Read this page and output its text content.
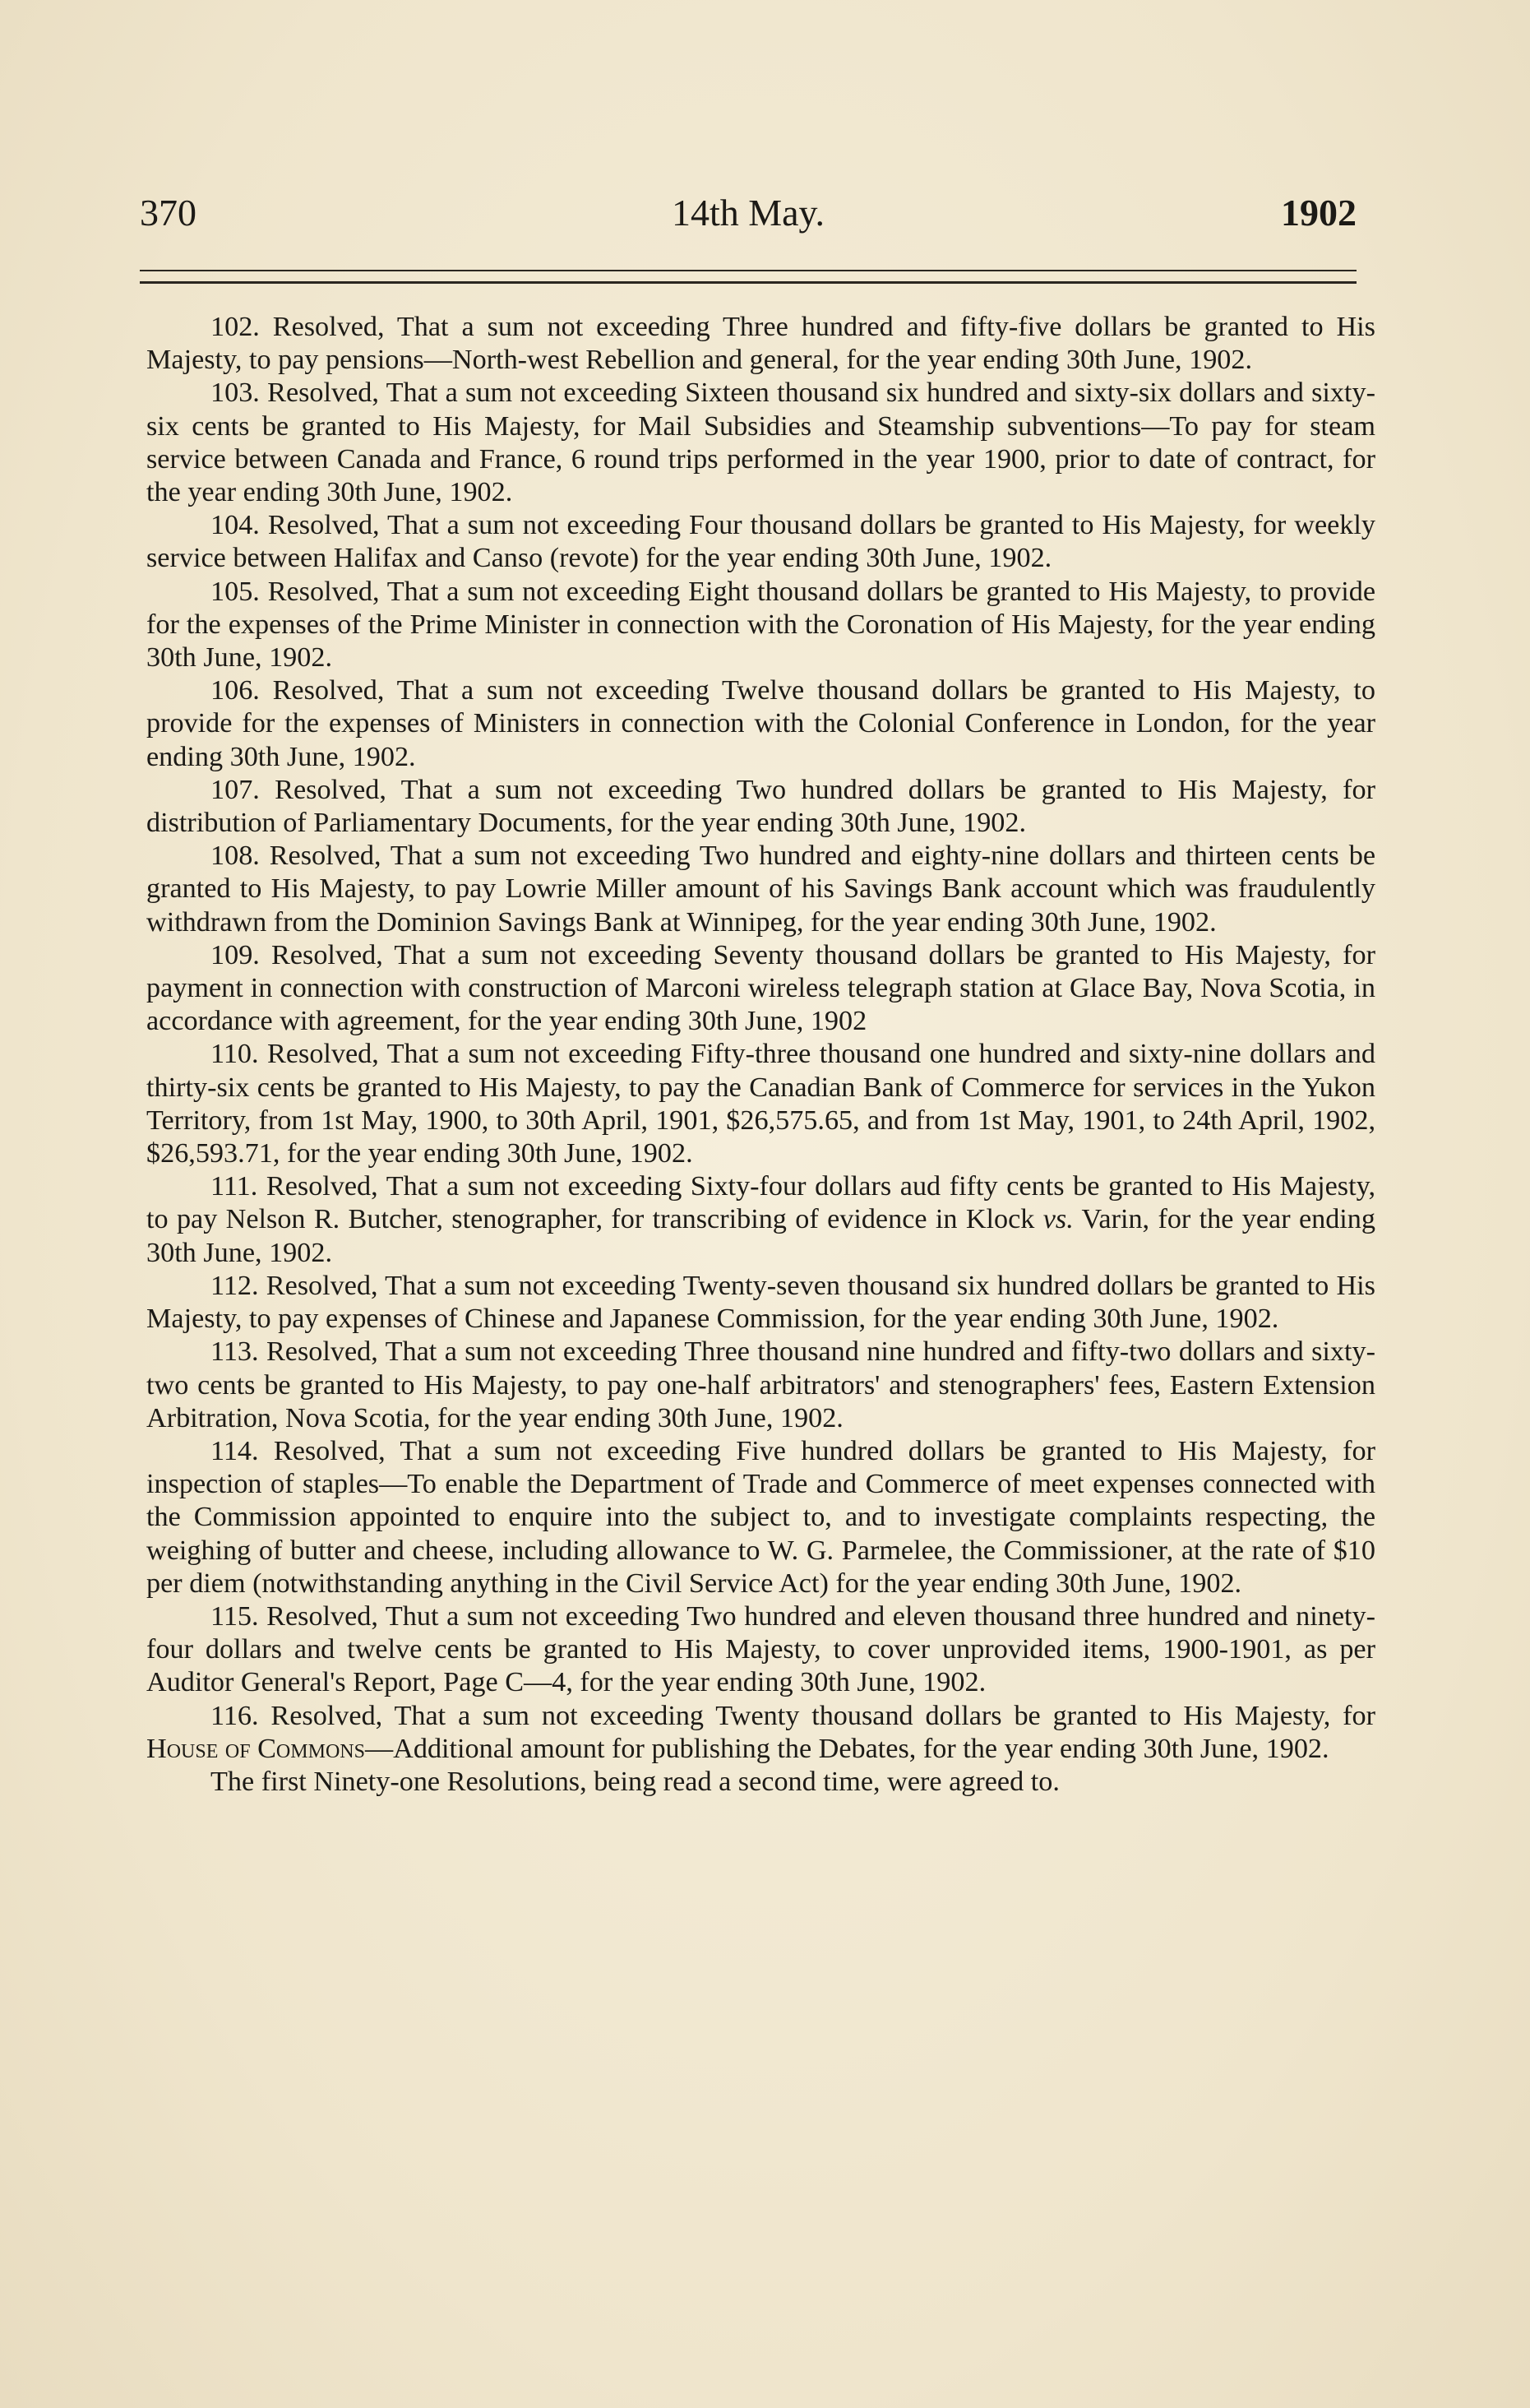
370	14th May.	1902

102. Resolved, That a sum not exceeding Three hundred and fifty-five dollars be granted to His Majesty, to pay pensions—North-west Rebellion and general, for the year ending 30th June, 1902.

103. Resolved, That a sum not exceeding Sixteen thousand six hundred and sixty-six dollars and sixty-six cents be granted to His Majesty, for Mail Subsidies and Steamship subventions—To pay for steam service between Canada and France, 6 round trips performed in the year 1900, prior to date of contract, for the year ending 30th June, 1902.

104. Resolved, That a sum not exceeding Four thousand dollars be granted to His Majesty, for weekly service between Halifax and Canso (revote) for the year ending 30th June, 1902.

105. Resolved, That a sum not exceeding Eight thousand dollars be granted to His Majesty, to provide for the expenses of the Prime Minister in connection with the Coronation of His Majesty, for the year ending 30th June, 1902.

106. Resolved, That a sum not exceeding Twelve thousand dollars be granted to His Majesty, to provide for the expenses of Ministers in connection with the Colonial Conference in London, for the year ending 30th June, 1902.

107. Resolved, That a sum not exceeding Two hundred dollars be granted to His Majesty, for distribution of Parliamentary Documents, for the year ending 30th June, 1902.

108. Resolved, That a sum not exceeding Two hundred and eighty-nine dollars and thirteen cents be granted to His Majesty, to pay Lowrie Miller amount of his Savings Bank account which was fraudulently withdrawn from the Dominion Savings Bank at Winnipeg, for the year ending 30th June, 1902.

109. Resolved, That a sum not exceeding Seventy thousand dollars be granted to His Majesty, for payment in connection with construction of Marconi wireless telegraph station at Glace Bay, Nova Scotia, in accordance with agreement, for the year ending 30th June, 1902

110. Resolved, That a sum not exceeding Fifty-three thousand one hundred and sixty-nine dollars and thirty-six cents be granted to His Majesty, to pay the Canadian Bank of Commerce for services in the Yukon Territory, from 1st May, 1900, to 30th April, 1901, $26,575.65, and from 1st May, 1901, to 24th April, 1902, $26,593.71, for the year ending 30th June, 1902.

111. Resolved, That a sum not exceeding Sixty-four dollars aud fifty cents be granted to His Majesty, to pay Nelson R. Butcher, stenographer, for transcribing of evidence in Klock vs. Varin, for the year ending 30th June, 1902.

112. Resolved, That a sum not exceeding Twenty-seven thousand six hundred dollars be granted to His Majesty, to pay expenses of Chinese and Japanese Commission, for the year ending 30th June, 1902.

113. Resolved, That a sum not exceeding Three thousand nine hundred and fifty-two dollars and sixty-two cents be granted to His Majesty, to pay one-half arbitrators' and stenographers' fees, Eastern Extension Arbitration, Nova Scotia, for the year ending 30th June, 1902.

114. Resolved, That a sum not exceeding Five hundred dollars be granted to His Majesty, for inspection of staples—To enable the Department of Trade and Commerce of meet expenses connected with the Commission appointed to enquire into the subject to, and to investigate complaints respecting, the weighing of butter and cheese, including allowance to W. G. Parmelee, the Commissioner, at the rate of $10 per diem (notwithstanding anything in the Civil Service Act) for the year ending 30th June, 1902.

115. Resolved, Thut a sum not exceeding Two hundred and eleven thousand three hundred and ninety-four dollars and twelve cents be granted to His Majesty, to cover unprovided items, 1900-1901, as per Auditor General's Report, Page C—4, for the year ending 30th June, 1902.

116. Resolved, That a sum not exceeding Twenty thousand dollars be granted to His Majesty, for House of Commons—Additional amount for publishing the Debates, for the year ending 30th June, 1902.

The first Ninety-one Resolutions, being read a second time, were agreed to.
